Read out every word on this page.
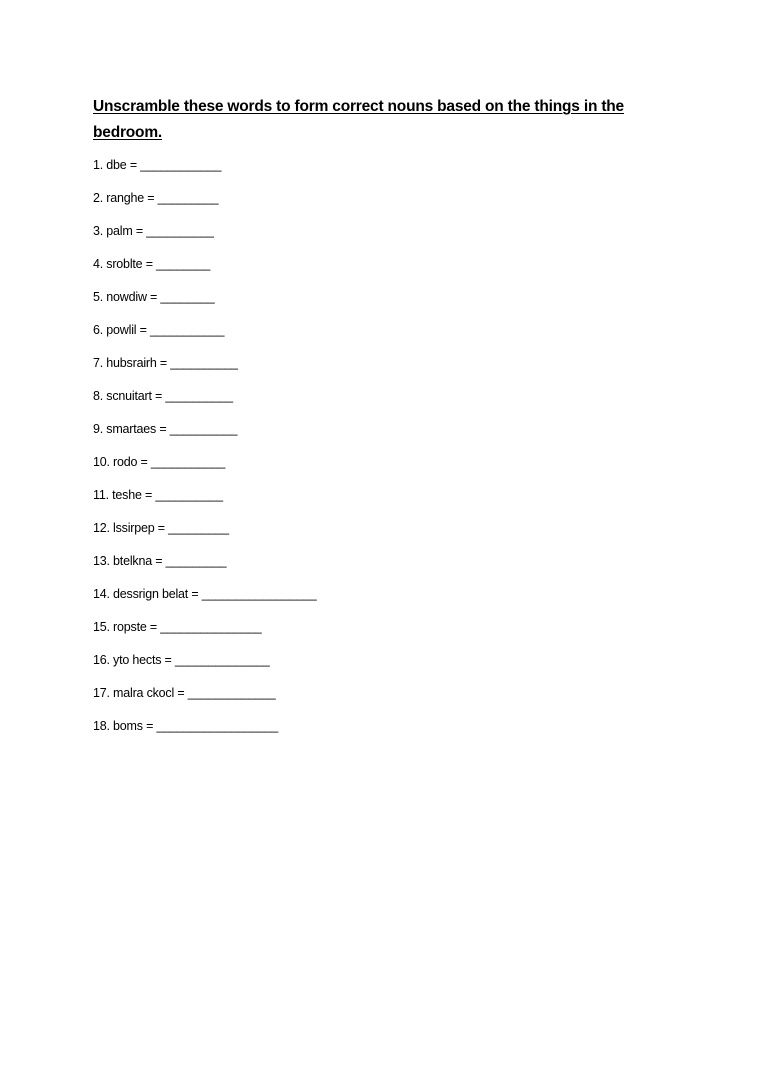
Unscramble these words to form correct nouns based on the things in the bedroom.
1. dbe = ____________
2. ranghe = _________
3. palm = __________
4. sroblte = ________
5. nowdiw = ________
6. powlil = ___________
7. hubsrairh = __________
8. scnuitart = __________
9. smartaes = __________
10. rodo = ___________
11. teshe = __________
12. lssirpep = _________
13. btelkna = _________
14. dessrign belat = _________________
15. ropste = _______________
16. yto hects = ______________
17. malra ckocl = _____________
18. boms = __________________
